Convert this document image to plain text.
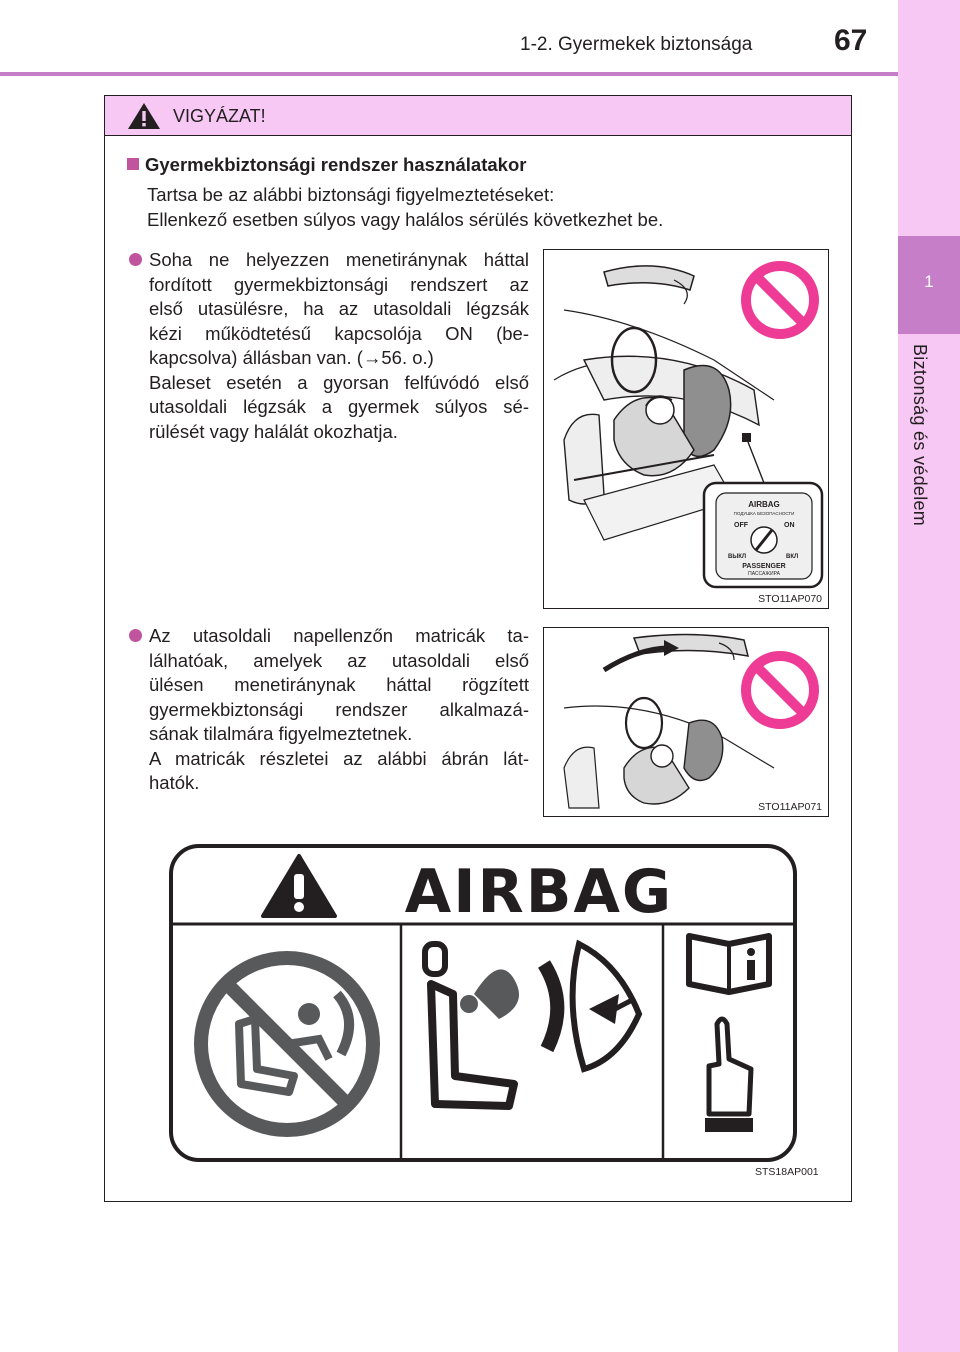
1-2. Gyermekek biztonsága	67
1
Biztonság és védelem
VIGYÁZAT!
Gyermekbiztonsági rendszer használatakor
Tartsa be az alábbi biztonsági figyelmeztetéseket:
Ellenkező esetben súlyos vagy halálos sérülés következhet be.
Soha ne helyezzen menetiránynak háttal
fordított gyermekbiztonsági rendszert az
első utasülésre, ha az utasoldali légzsák
kézi működtetésű kapcsolója ON (be-
kapcsolva) állásban van. (→56. o.)
Baleset esetén a gyorsan felfúvódó első
utasoldali légzsák a gyermek súlyos sé-
rülését vagy halálát okozhatja.
AIRBAG
ПОДУШКА БЕЗОПАСНОСТИ
OFF	ON
ВЫКЛ	ВКЛ
PASSENGER
ПАССАЖИРА
STO11AP070
Az utasoldali napellenzőn matricák ta-
lálhatóak, amelyek az utasoldali első
ülésen menetiránynak háttal rögzített
gyermekbiztonsági rendszer alkalmazá-
sának tilalmára figyelmeztetnek.
A matricák részletei az alábbi ábrán lát-
hatók.
STO11AP071
AIRBAG
STS18AP001
